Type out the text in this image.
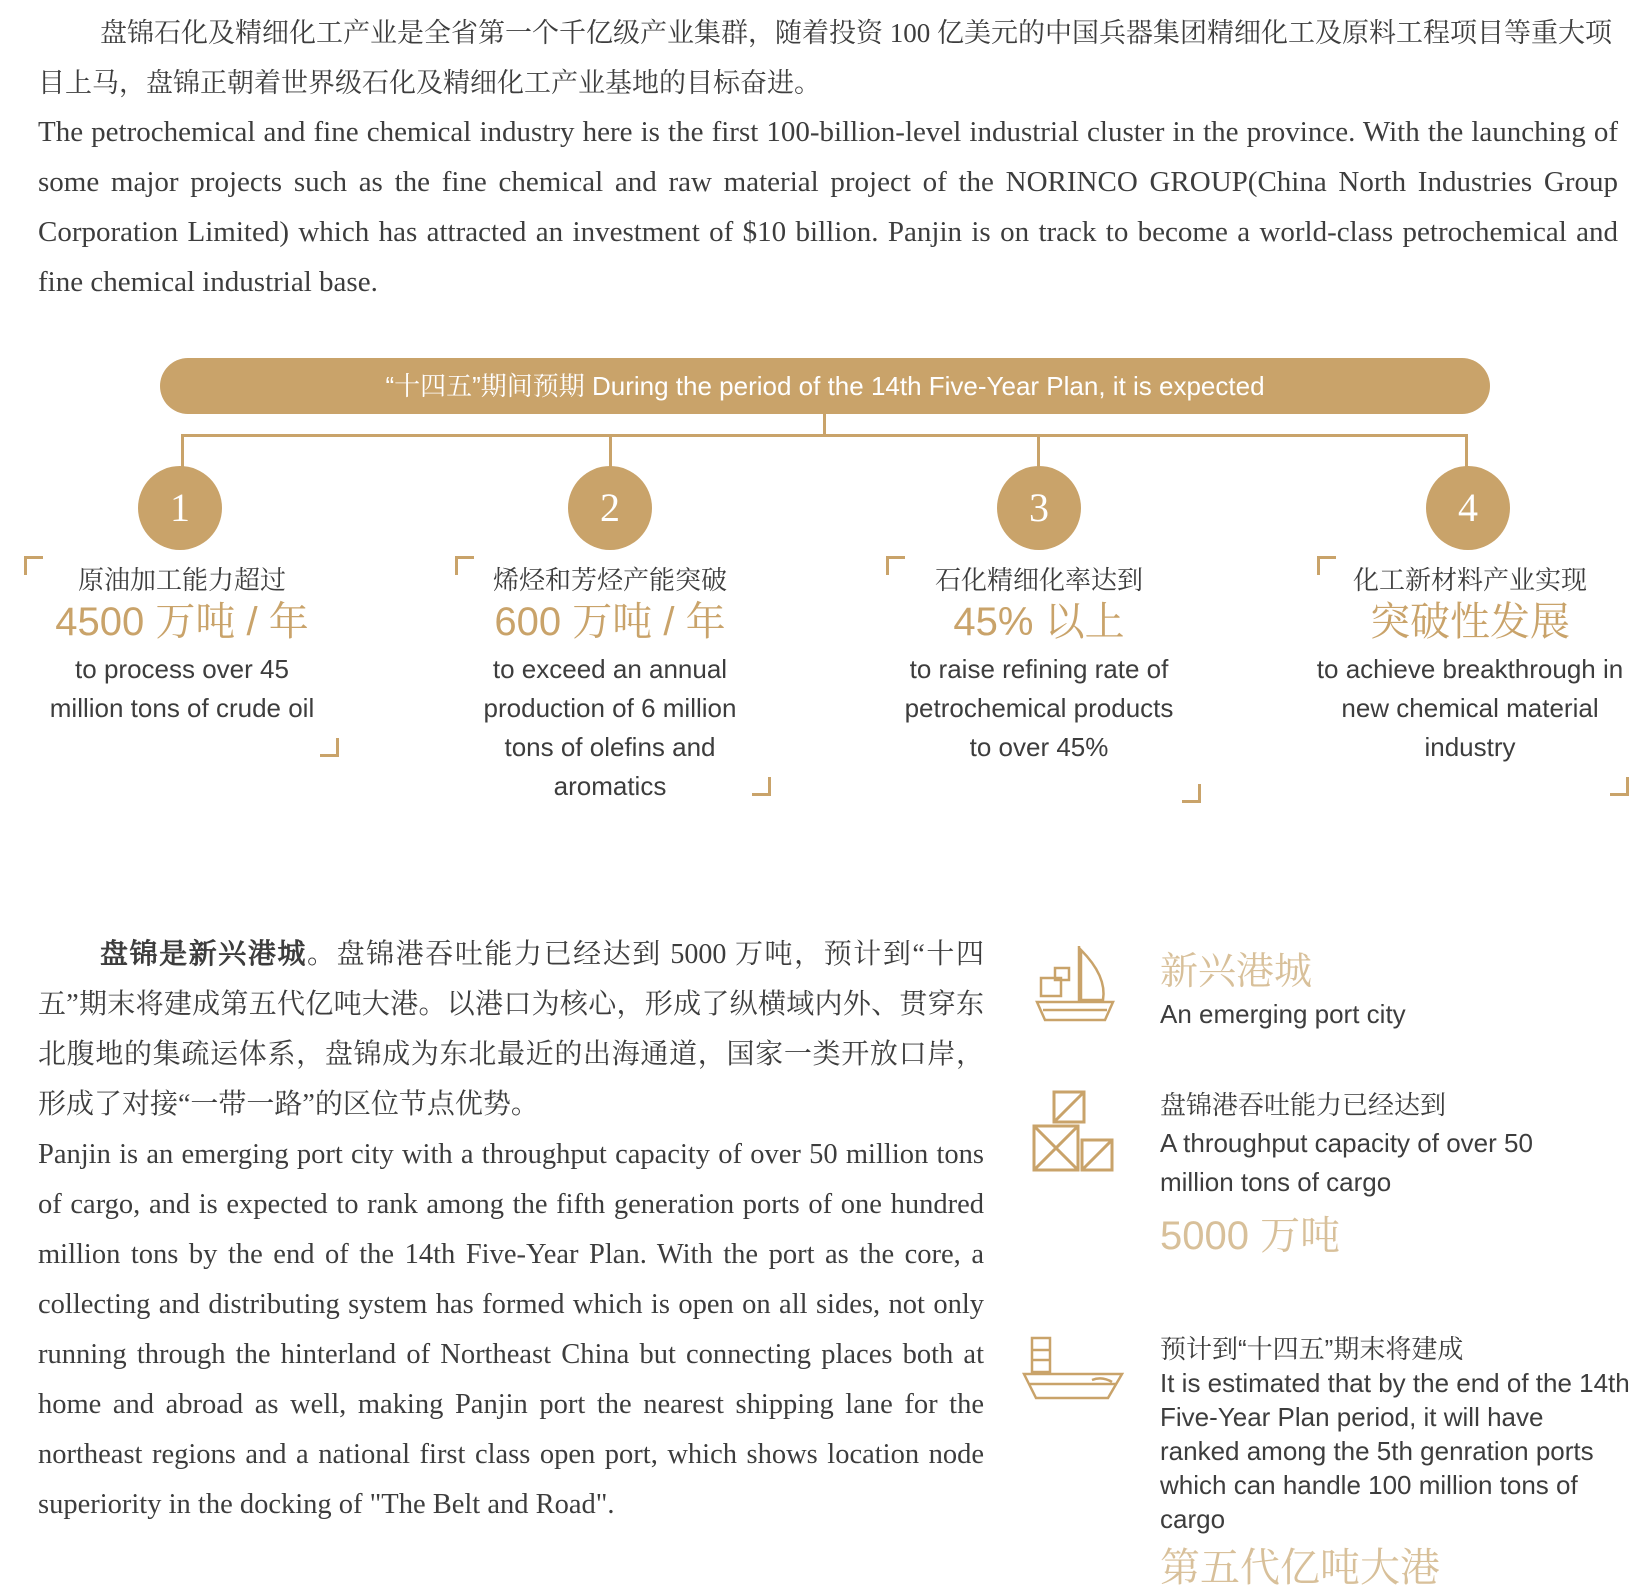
盘锦石化及精细化工产业是全省第一个千亿级产业集群，随着投资 100 亿美元的中国兵器集团精细化工及原料工程项目等重大项目上马，盘锦正朝着世界级石化及精细化工产业基地的目标奋进。
The petrochemical and fine chemical industry here is the first 100-billion-level industrial cluster in the province. With the launching of some major projects such as the fine chemical and raw material project of the NORINCO GROUP(China North Industries Group Corporation Limited) which has attracted an investment of $10 billion. Panjin is on track to become a world-class petrochemical and fine chemical industrial base.
“十四五”期间预期 During the period of the 14th Five-Year Plan, it is expected
1	2	3	4
原油加工能力超过
4500 万吨 / 年
to process over 45 million tons of crude oil
烯烃和芳烃产能突破
600 万吨 / 年
to exceed an annual production of 6 million tons of olefins and aromatics
石化精细化率达到
45% 以上
to raise refining rate of petrochemical products to over 45%
化工新材料产业实现
突破性发展
to achieve breakthrough in new chemical material industry
盘锦是新兴港城。盘锦港吞吐能力已经达到 5000 万吨，预计到“十四五”期末将建成第五代亿吨大港。以港口为核心，形成了纵横域内外、贯穿东北腹地的集疏运体系，盘锦成为东北最近的出海通道，国家一类开放口岸，形成了对接“一带一路”的区位节点优势。
Panjin is an emerging port city with a throughput capacity of over 50 million tons of cargo, and is expected to rank among the fifth generation ports of one hundred million tons by the end of the 14th Five-Year Plan. With the port as the core, a collecting and distributing system has formed which is open on all sides, not only running through the hinterland of Northeast China but connecting places both at home and abroad as well, making Panjin port the nearest shipping lane for the northeast regions and a national first class open port, which shows location node superiority in the docking of "The Belt and Road".
新兴港城
An emerging port city
盘锦港吞吐能力已经达到
A throughput capacity of over 50 million tons of cargo
5000 万吨
预计到“十四五”期末将建成
It is estimated that by the end of the 14th Five-Year Plan period, it will have ranked among the 5th genration ports which can handle 100 million tons of cargo
第五代亿吨大港
